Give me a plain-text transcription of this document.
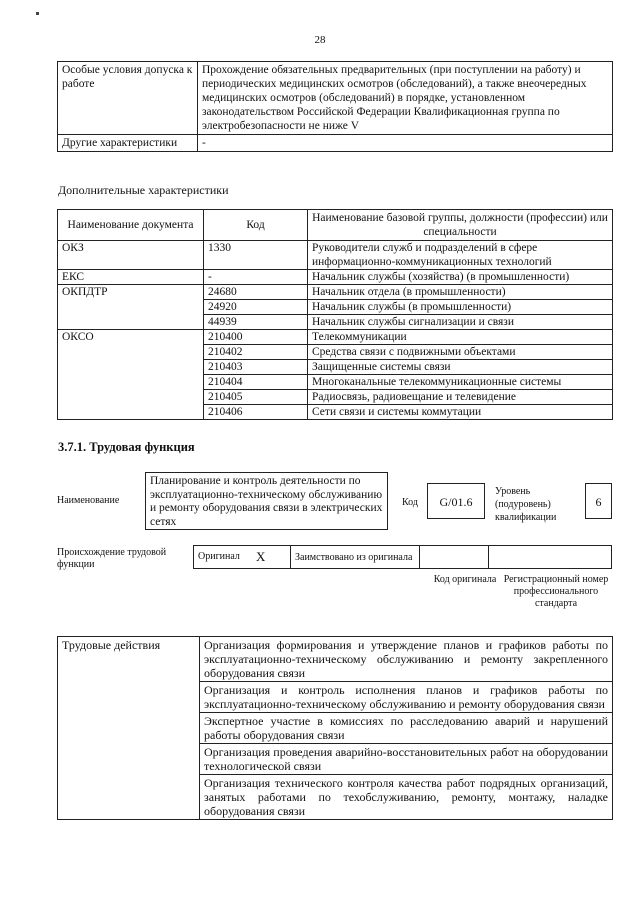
28
Особые условия допуска к работе	Прохождение обязательных предварительных (при поступлении на работу) и периодических медицинских осмотров (обследований), а также внеочередных медицинских осмотров (обследований) в порядке, установленном законодательством Российской Федерации Квалификационная группа по электробезопасности не ниже V
Другие характеристики	-
Дополнительные характеристики
Наименование документа	Код	Наименование базовой группы, должности (профессии) или специальности
ОКЗ	1330	Руководители служб и подразделений в сфере информационно-коммуникационных технологий
ЕКС	-	Начальник службы (хозяйства) (в промышленности)
ОКПДТР	24680	Начальник отдела (в промышленности)
	24920	Начальник службы (в промышленности)
	44939	Начальник службы сигнализации и связи
ОКСО	210400	Телекоммуникации
	210402	Средства связи с подвижными объектами
	210403	Защищенные системы связи
	210404	Многоканальные телекоммуникационные системы
	210405	Радиосвязь, радиовещание и телевидение
	210406	Сети связи и системы коммутации
3.7.1. Трудовая функция
Наименование
Планирование и контроль деятельности по эксплуатационно-техническому обслуживанию и ремонту оборудования связи в электрических сетях
Код	G/01.6
Уровень (подуровень) квалификации
6
Происхождение трудовой функции
Оригинал	X	Заимствовано из оригинала		
Код оригинала Регистрационный номер профессионального стандарта
Трудовые действия	Организация формирования и утверждение планов и графиков работы по эксплуатационно-техническому обслуживанию и ремонту закрепленного оборудования связи
Организация и контроль исполнения планов и графиков работы по эксплуатационно-техническому обслуживанию и ремонту оборудования связи
Экспертное участие в комиссиях по расследованию аварий и нарушений работы оборудования связи
Организация проведения аварийно-восстановительных работ на оборудовании технологической связи
Организация технического контроля качества работ подрядных организаций, занятых работами по техобслуживанию, ремонту, монтажу, наладке оборудования связи
